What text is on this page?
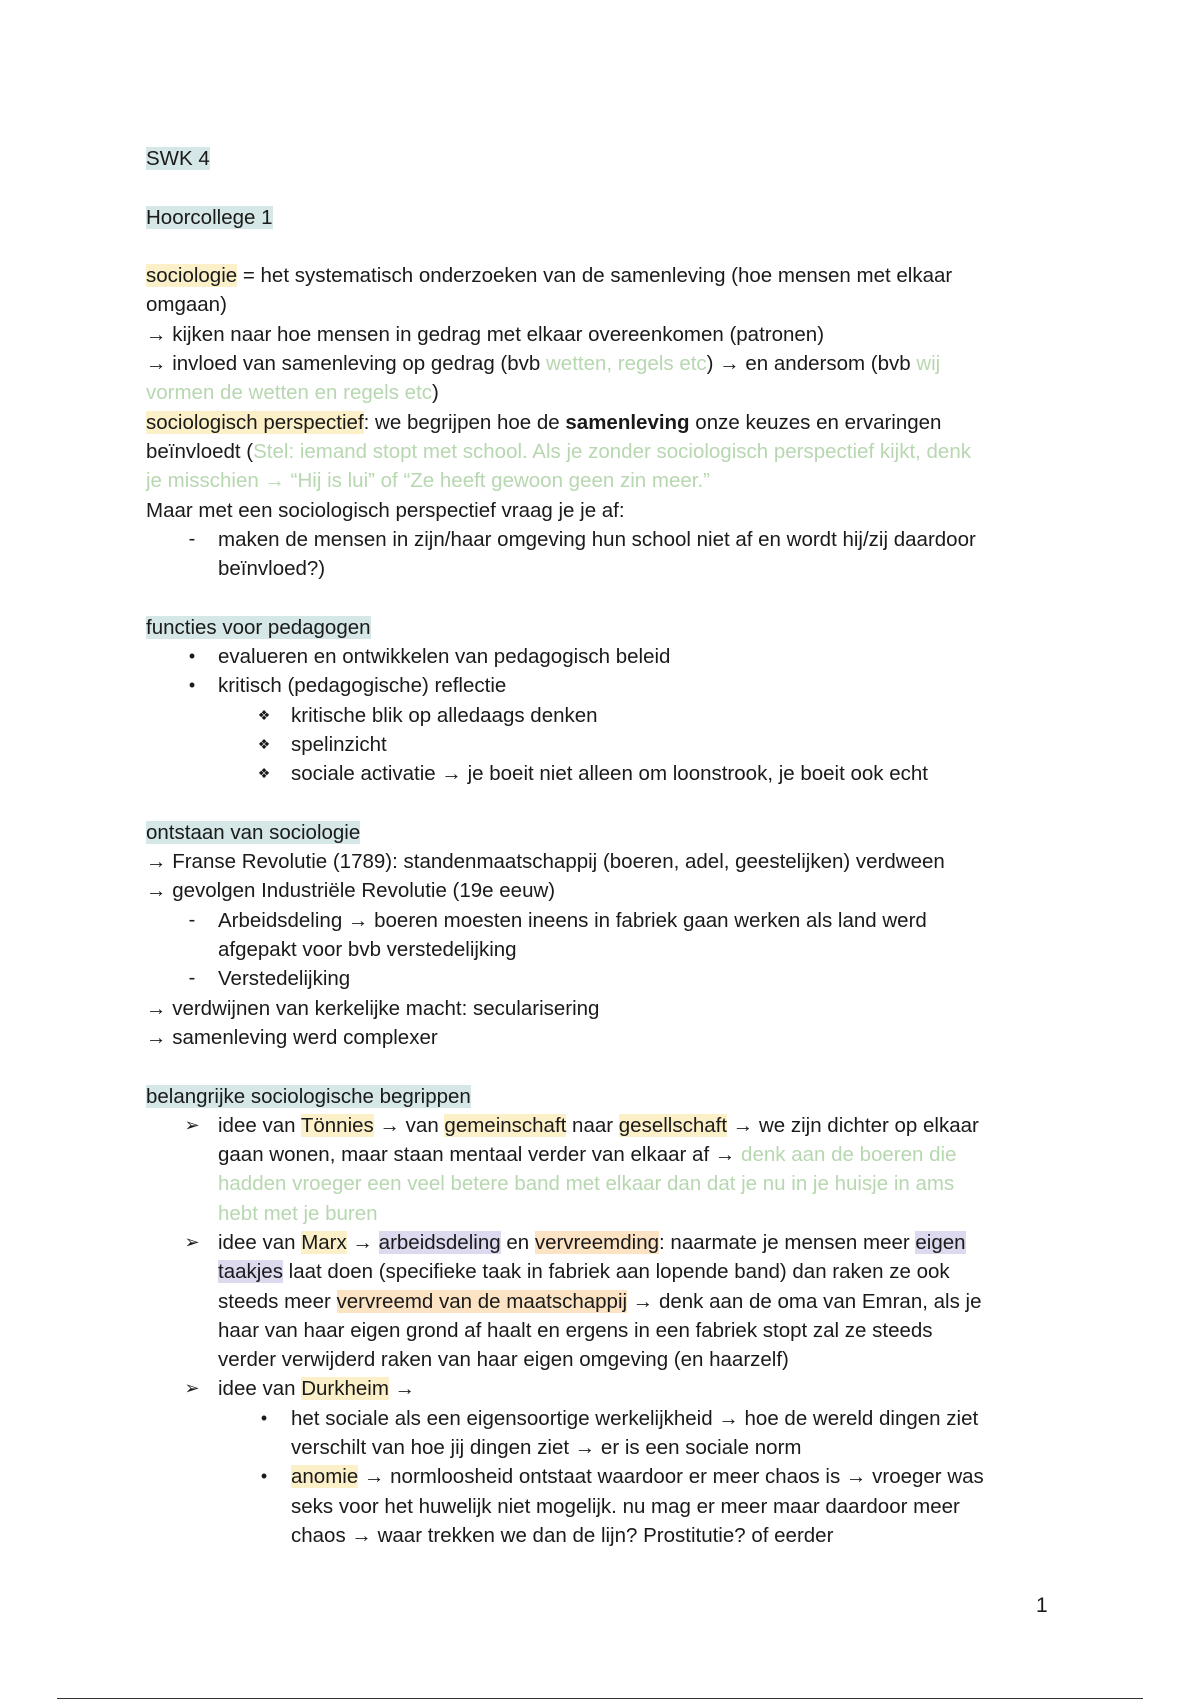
SWK 4
Hoorcollege 1
sociologie = het systematisch onderzoeken van de samenleving (hoe mensen met elkaar
omgaan)
→ kijken naar hoe mensen in gedrag met elkaar overeenkomen (patronen)
→ invloed van samenleving op gedrag (bvb wetten, regels etc) → en andersom (bvb wij
vormen de wetten en regels etc)
sociologisch perspectief: we begrijpen hoe de samenleving onze keuzes en ervaringen
beïnvloedt (Stel: iemand stopt met school. Als je zonder sociologisch perspectief kijkt, denk
je misschien → “Hij is lui” of “Ze heeft gewoon geen zin meer.”
Maar met een sociologisch perspectief vraag je je af:
-	maken de mensen in zijn/haar omgeving hun school niet af en wordt hij/zij daardoor
beïnvloed?)
functies voor pedagogen
•	evalueren en ontwikkelen van pedagogisch beleid
•	kritisch (pedagogische) reflectie
❖ kritische blik op alledaags denken
❖ spelinzicht
❖ sociale activatie → je boeit niet alleen om loonstrook, je boeit ook echt
ontstaan van sociologie
→ Franse Revolutie (1789): standenmaatschappij (boeren, adel, geestelijken) verdween
→ gevolgen Industriële Revolutie (19e eeuw)
-	Arbeidsdeling → boeren moesten ineens in fabriek gaan werken als land werd
afgepakt voor bvb verstedelijking
-	Verstedelijking
→ verdwijnen van kerkelijke macht: secularisering
→ samenleving werd complexer
belangrijke sociologische begrippen
➢ idee van Tönnies → van gemeinschaft naar gesellschaft → we zijn dichter op elkaar
gaan wonen, maar staan mentaal verder van elkaar af → denk aan de boeren die
hadden vroeger een veel betere band met elkaar dan dat je nu in je huisje in ams
hebt met je buren
➢ idee van Marx → arbeidsdeling en vervreemding: naarmate je mensen meer eigen
taakjes laat doen (specifieke taak in fabriek aan lopende band) dan raken ze ook
steeds meer vervreemd van de maatschappij → denk aan de oma van Emran, als je
haar van haar eigen grond af haalt en ergens in een fabriek stopt zal ze steeds
verder verwijderd raken van haar eigen omgeving (en haarzelf)
➢ idee van Durkheim →
•	het sociale als een eigensoortige werkelijkheid → hoe de wereld dingen ziet
verschilt van hoe jij dingen ziet → er is een sociale norm
•	anomie → normloosheid ontstaat waardoor er meer chaos is → vroeger was
seks voor het huwelijk niet mogelijk. nu mag er meer maar daardoor meer
chaos → waar trekken we dan de lijn? Prostitutie? of eerder
1
